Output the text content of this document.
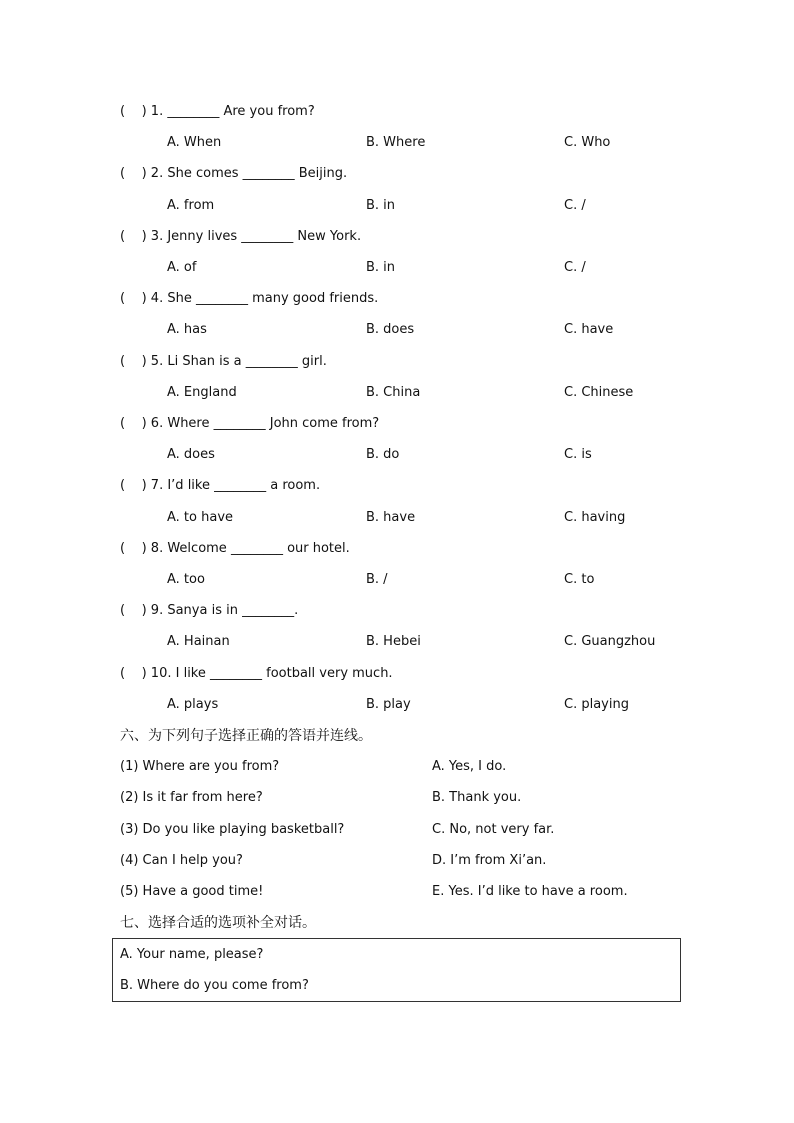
(    ) 1. ________ Are you from?
A. When	B. Where	C. Who
(    ) 2. She comes ________ Beijing.
A. from	B. in	C. /
(    ) 3. Jenny lives ________ New York.
A. of	B. in	C. /
(    ) 4. She ________ many good friends.
A. has	B. does	C. have
(    ) 5. Li Shan is a ________ girl.
A. England	B. China	C. Chinese
(    ) 6. Where ________ John come from?
A. does	B. do	C. is
(    ) 7. I’d like ________ a room.
A. to have	B. have	C. having
(    ) 8. Welcome ________ our hotel.
A. too	B. /	C. to
(    ) 9. Sanya is in ________.
A. Hainan	B. Hebei	C. Guangzhou
(    ) 10. I like ________ football very much.
A. plays	B. play	C. playing
六、为下列句子选择正确的答语并连线。
(1) Where are you from?	A. Yes, I do.
(2) Is it far from here?	B. Thank you.
(3) Do you like playing basketball?	C. No, not very far.
(4) Can I help you?	D. I’m from Xi’an.
(5) Have a good time!	E. Yes. I’d like to have a room.
七、选择合适的选项补全对话。
A. Your name, please?
B. Where do you come from?
